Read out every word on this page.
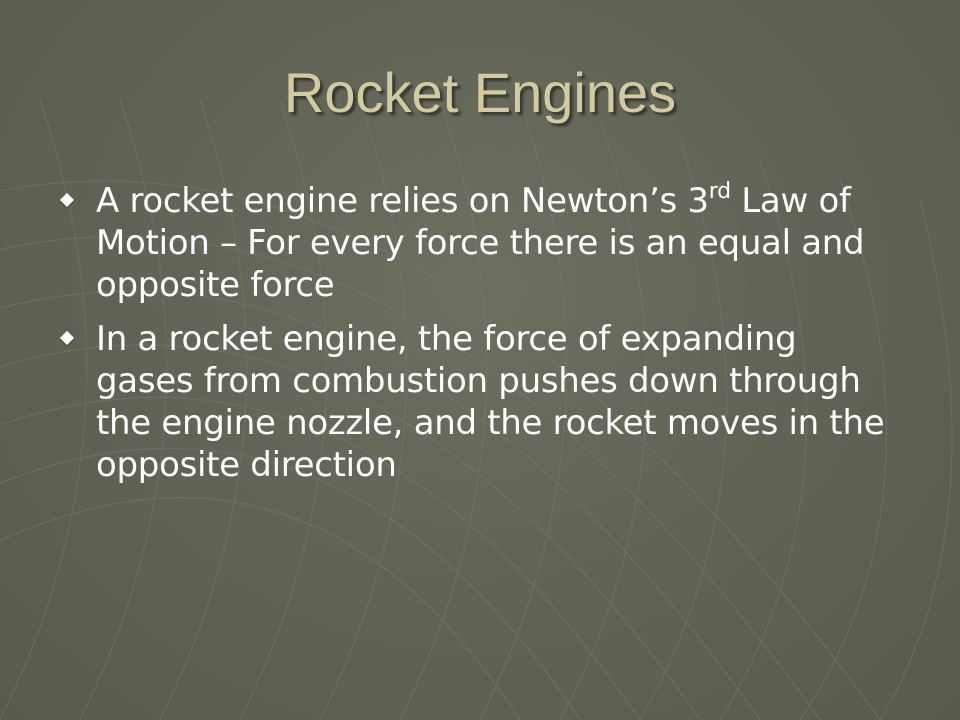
Rocket Engines
A rocket engine relies on Newton’s 3rd Law of Motion – For every force there is an equal and opposite force
In a rocket engine, the force of expanding gases from combustion pushes down through the engine nozzle, and the rocket moves in the opposite direction
